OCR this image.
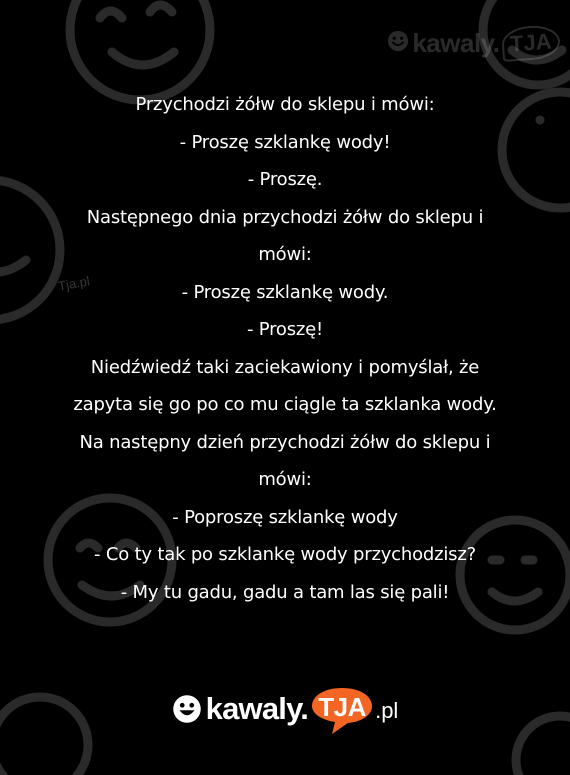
kawaly. TJA
Tja.pl
Przychodzi żółw do sklepu i mówi:
- Proszę szklankę wody!
- Proszę.
Następnego dnia przychodzi żółw do sklepu i
mówi:
- Proszę szklankę wody.
- Proszę!
Niedźwiedź taki zaciekawiony i pomyślał, że
zapyta się go po co mu ciągle ta szklanka wody.
Na następny dzień przychodzi żółw do sklepu i
mówi:
- Poproszę szklankę wody
- Co ty tak po szklankę wody przychodzisz?
- My tu gadu, gadu a tam las się pali!
kawaly. TJA .pl
